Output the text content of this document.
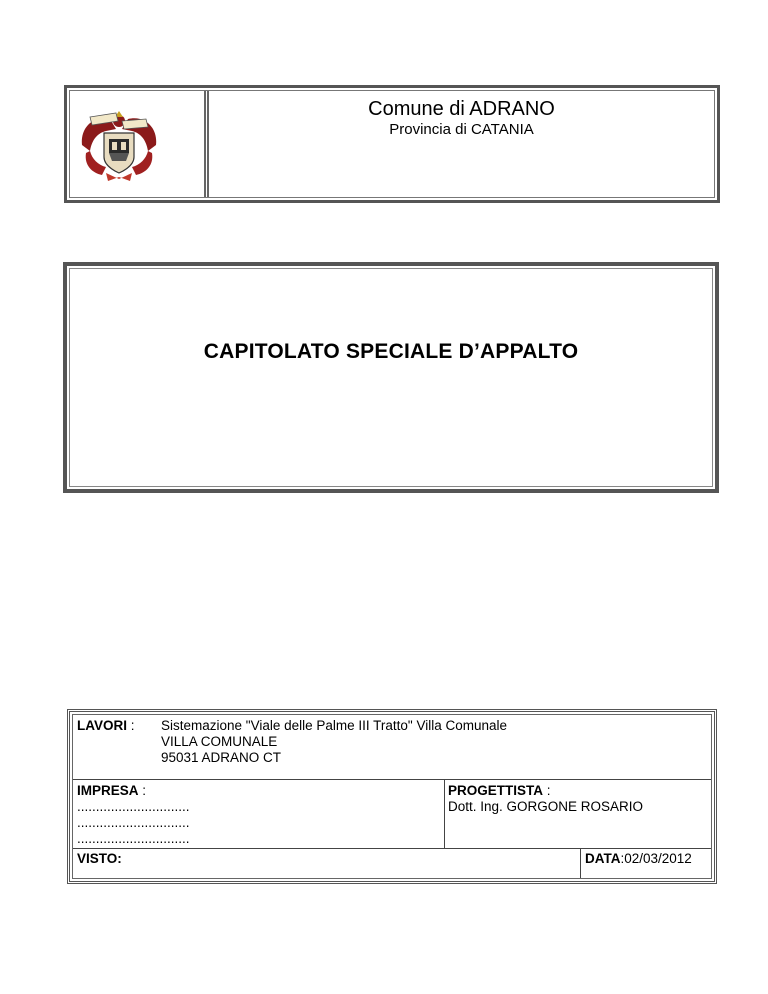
Comune di ADRANO
Provincia di CATANIA
CAPITOLATO SPECIALE D’APPALTO
LAVORI : Sistemazione "Viale delle Palme III Tratto" Villa Comunale
VILLA COMUNALE
95031 ADRANO CT
IMPRESA :
..............................
..............................
..............................
PROGETTISTA :
Dott. Ing. GORGONE ROSARIO
VISTO:	DATA:02/03/2012
